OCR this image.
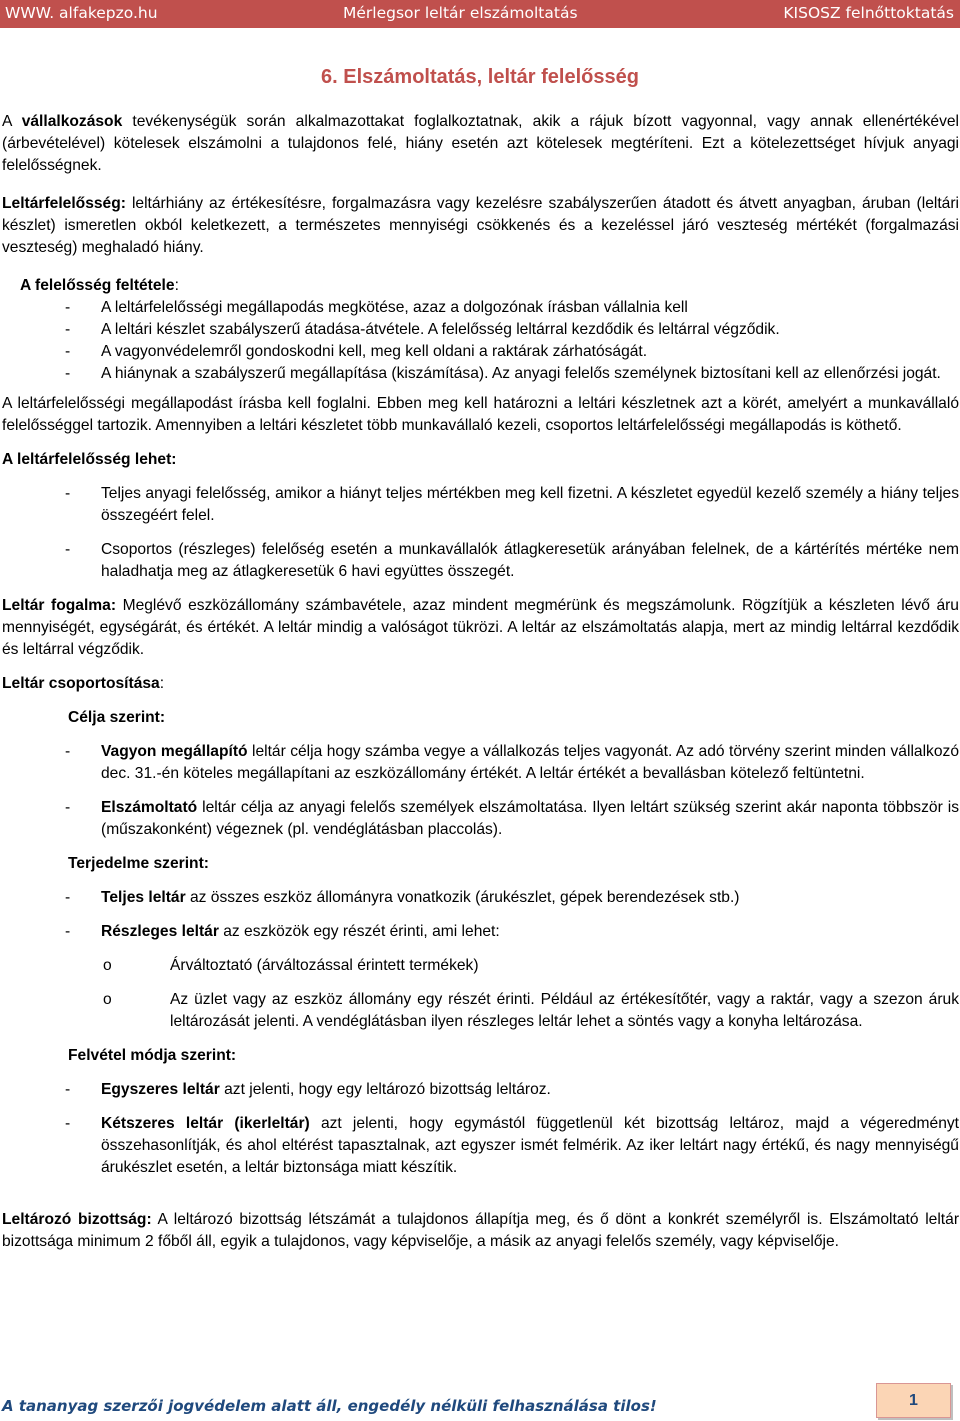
WWW. alfakepzo.hu	Mérlegsor leltár elszámoltatás	KISOSZ felnőttoktatás
6. Elszámoltatás, leltár felelősség

A vállalkozások tevékenységük során alkalmazottakat foglalkoztatnak, akik a rájuk bízott vagyonnal, vagy annak ellenértékével (árbevételével) kötelesek elszámolni a tulajdonos felé, hiány esetén azt kötelesek megtéríteni. Ezt a kötelezettséget hívjuk anyagi felelősségnek.

Leltárfelelősség: leltárhiány az értékesítésre, forgalmazásra vagy kezelésre szabályszerűen átadott és átvett anyagban, áruban (leltári készlet) ismeretlen okból keletkezett, a természetes mennyiségi csökkenés és a kezeléssel járó veszteség mértékét (forgalmazási veszteség) meghaladó hiány.

A felelősség feltétele:

- A leltárfelelősségi megállapodás megkötése, azaz a dolgozónak írásban vállalnia kell
- A leltári készlet szabályszerű átadása-átvétele. A felelősség leltárral kezdődik és leltárral végződik.
- A vagyonvédelemről gondoskodni kell, meg kell oldani a raktárak zárhatóságát.
- A hiánynak a szabályszerű megállapítása (kiszámítása). Az anyagi felelős személynek biztosítani kell az ellenőrzési jogát.

A leltárfelelősségi megállapodást írásba kell foglalni. Ebben meg kell határozni a leltári készletnek azt a körét, amelyért a munkavállaló felelősséggel tartozik. Amennyiben a leltári készletet több munkavállaló kezeli, csoportos leltárfelelősségi megállapodás is köthető.

A leltárfelelősség lehet:

- Teljes anyagi felelősség, amikor a hiányt teljes mértékben meg kell fizetni. A készletet egyedül kezelő személy a hiány teljes összegéért felel.
- Csoportos (részleges) felelőség esetén a munkavállalók átlagkeresetük arányában felelnek, de a kártérítés mértéke nem haladhatja meg az átlagkeresetük 6 havi együttes összegét.

Leltár fogalma: Meglévő eszközállomány számbavétele, azaz mindent megmérünk és megszámolunk. Rögzítjük a készleten lévő áru mennyiségét, egységárát, és értékét. A leltár mindig a valóságot tükrözi. A leltár az elszámoltatás alapja, mert az mindig leltárral kezdődik és leltárral végződik.

Leltár csoportosítása:

Célja szerint:

- Vagyon megállapító leltár célja hogy számba vegye a vállalkozás teljes vagyonát. Az adó törvény szerint minden vállalkozó dec. 31.-én köteles megállapítani az eszközállomány értékét. A leltár értékét a bevallásban kötelező feltüntetni.
- Elszámoltató leltár célja az anyagi felelős személyek elszámoltatása. Ilyen leltárt szükség szerint akár naponta többször is (műszakonként) végeznek (pl. vendéglátásban placcolás).

Terjedelme szerint:

- Teljes leltár az összes eszköz állományra vonatkozik (árukészlet, gépek berendezések stb.)
- Részleges leltár az eszközök egy részét érinti, ami lehet:
o Árváltoztató (árváltozással érintett termékek)
o Az üzlet vagy az eszköz állomány egy részét érinti. Például az értékesítőtér, vagy a raktár, vagy a szezon áruk leltározását jelenti. A vendéglátásban ilyen részleges leltár lehet a söntés vagy a konyha leltározása.

Felvétel módja szerint:

- Egyszeres leltár azt jelenti, hogy egy leltározó bizottság leltároz.
- Kétszeres leltár (ikerleltár) azt jelenti, hogy egymástól függetlenül két bizottság leltároz, majd a végeredményt összehasonlítják, és ahol eltérést tapasztalnak, azt egyszer ismét felmérik. Az iker leltárt nagy értékű, és nagy mennyiségű árukészlet esetén, a leltár biztonsága miatt készítik.

Leltározó bizottság: A leltározó bizottság létszámát a tulajdonos állapítja meg, és ő dönt a konkrét személyről is. Elszámoltató leltár bizottsága minimum 2 főből áll, egyik a tulajdonos, vagy képviselője, a másik az anyagi felelős személy, vagy képviselője.

A tananyag szerzői jogvédelem alatt áll, engedély nélküli felhasználása tilos!	1
